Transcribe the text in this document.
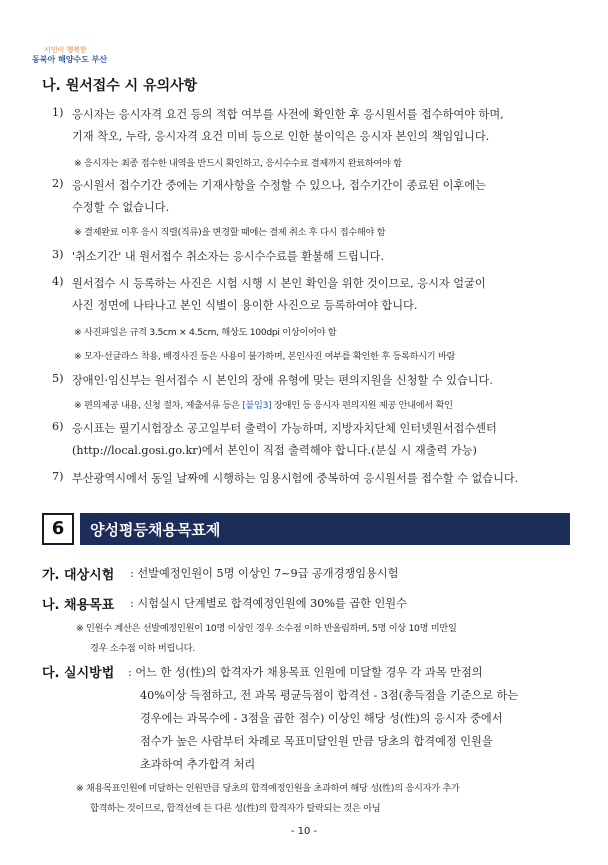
시민이 행복한
동북아 해양수도 부산
나. 원서접수 시 유의사항
1) 응시자는 응시자격 요건 등의 적합 여부를 사전에 확인한 후 응시원서를 접수하여야 하며,
기재 착오, 누락, 응시자격 요건 미비 등으로 인한 불이익은 응시자 본인의 책임입니다.
※ 응시자는 최종 접수한 내역을 반드시 확인하고, 응시수수료 결제까지 완료하여야 함
2) 응시원서 접수기간 중에는 기재사항을 수정할 수 있으나, 접수기간이 종료된 이후에는
수정할 수 없습니다.
※ 결제완료 이후 응시 직렬(직류)을 변경할 때에는 결제 취소 후 다시 접수해야 함
3) '취소기간' 내 원서접수 취소자는 응시수수료를 환불해 드립니다.
4) 원서접수 시 등록하는 사진은 시험 시행 시 본인 확인을 위한 것이므로, 응시자 얼굴이
사진 정면에 나타나고 본인 식별이 용이한 사진으로 등록하여야 합니다.
※ 사진파일은 규격 3.5cm × 4.5cm, 해상도 100dpi 이상이어야 함
※ 모자·선글라스 착용, 배경사진 등은 사용이 불가하며, 본인사진 여부를 확인한 후 등록하시기 바람
5) 장애인·임신부는 원서접수 시 본인의 장애 유형에 맞는 편의지원을 신청할 수 있습니다.
※ 편의제공 내용, 신청 절차, 제출서류 등은 [붙임3] 장애인 등 응시자 편의지원 제공 안내에서 확인
6) 응시표는 필기시험장소 공고일부터 출력이 가능하며, 지방자치단체 인터넷원서접수센터
(http://local.gosi.go.kr)에서 본인이 직접 출력해야 합니다.(분실 시 재출력 가능)
7) 부산광역시에서 동일 날짜에 시행하는 임용시험에 중복하여 응시원서를 접수할 수 없습니다.
6	양성평등채용목표제
가. 대상시험 : 선발예정인원이 5명 이상인 7~9급 공개경쟁임용시험
나. 채용목표 : 시험실시 단계별로 합격예정인원에 30%를 곱한 인원수
※ 인원수 계산은 선발예정인원이 10명 이상인 경우 소수점 이하 반올림하며, 5명 이상 10명 미만일
경우 소수점 이하 버립니다.
다. 실시방법 : 어느 한 성(性)의 합격자가 채용목표 인원에 미달할 경우 각 과목 만점의
40%이상 득점하고, 전 과목 평균득점이 합격선 - 3점(총득점을 기준으로 하는
경우에는 과목수에 - 3점을 곱한 점수) 이상인 해당 성(性)의 응시자 중에서
점수가 높은 사람부터 차례로 목표미달인원 만큼 당초의 합격예정 인원을
초과하여 추가합격 처리
※ 채용목표인원에 미달하는 인원만큼 당초의 합격예정인원을 초과하여 해당 성(性)의 응시자가 추가
합격하는 것이므로, 합격선에 든 다른 성(性)의 합격자가 탈락되는 것은 아님
- 10 -
